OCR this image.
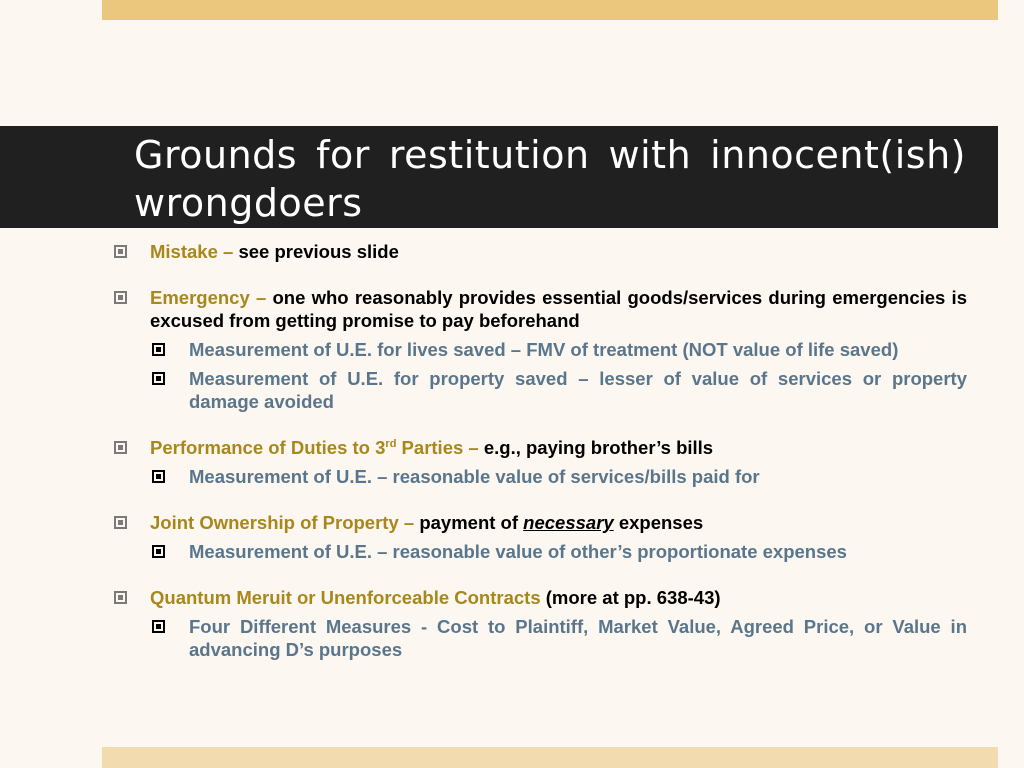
Grounds for restitution with innocent(ish) wrongdoers
Mistake – see previous slide
Emergency – one who reasonably provides essential goods/services during emergencies is excused from getting promise to pay beforehand
Measurement of U.E. for lives saved – FMV of treatment (NOT value of life saved)
Measurement of U.E. for property saved – lesser of value of services or property damage avoided
Performance of Duties to 3rd Parties – e.g., paying brother’s bills
Measurement of U.E. – reasonable value of services/bills paid for
Joint Ownership of Property – payment of necessary expenses
Measurement of U.E. – reasonable value of other’s proportionate expenses
Quantum Meruit or Unenforceable Contracts (more at pp. 638-43)
Four Different Measures - Cost to Plaintiff, Market Value, Agreed Price, or Value in advancing D’s purposes
